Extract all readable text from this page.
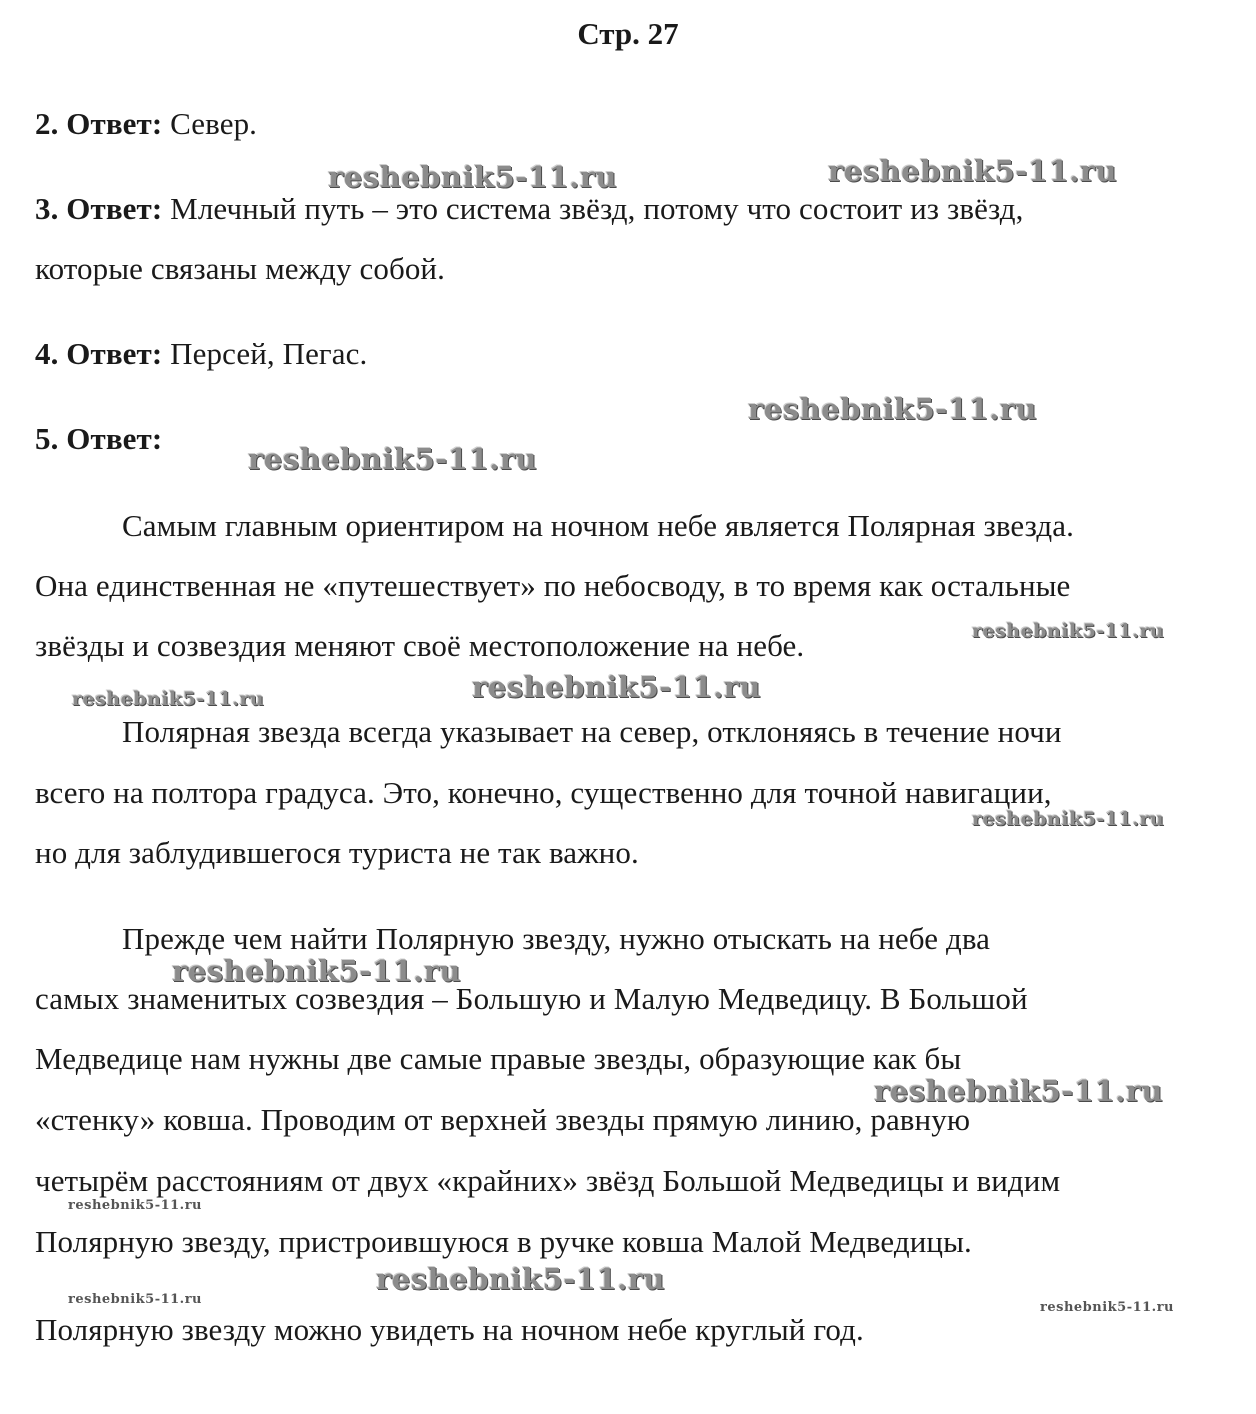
Стр. 27
2. Ответ: Север.
3. Ответ: Млечный путь – это система звёзд, потому что состоит из звёзд,
которые связаны между собой.
4. Ответ: Персей, Пегас.
5. Ответ:
Самым главным ориентиром на ночном небе является Полярная звезда.
Она единственная не «путешествует» по небосводу, в то время как остальные
звёзды и созвездия меняют своё местоположение на небе.
Полярная звезда всегда указывает на север, отклоняясь в течение ночи
всего на полтора градуса. Это, конечно, существенно для точной навигации,
но для заблудившегося туриста не так важно.
Прежде чем найти Полярную звезду, нужно отыскать на небе два
самых знаменитых созвездия – Большую и Малую Медведицу. В Большой
Медведице нам нужны две самые правые звезды, образующие как бы
«стенку» ковша. Проводим от верхней звезды прямую линию, равную
четырём расстояниям от двух «крайних» звёзд Большой Медведицы и видим
Полярную звезду, пристроившуюся в ручке ковша Малой Медведицы.
Полярную звезду можно увидеть на ночном небе круглый год.
reshebnik5-11.ru	reshebnik5-11.ru
reshebnik5-11.ru
reshebnik5-11.ru
reshebnik5-11.ru
reshebnik5-11.ru
reshebnik5-11.ru
reshebnik5-11.ru
reshebnik5-11.ru
reshebnik5-11.ru
reshebnik5-11.ru
reshebnik5-11.ru
reshebnik5-11.ru
reshebnik5-11.ru
